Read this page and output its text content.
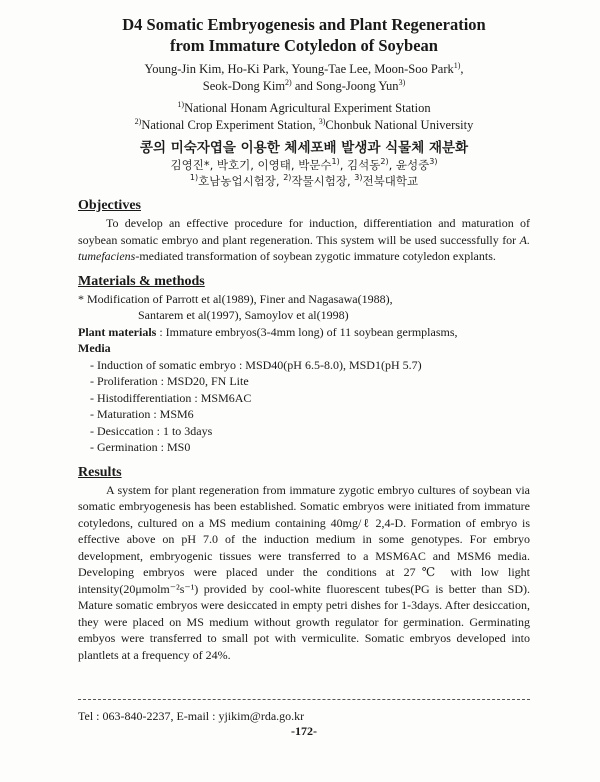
D4 Somatic Embryogenesis and Plant Regeneration
from Immature Cotyledon of Soybean
Young-Jin Kim, Ho-Ki Park, Young-Tae Lee, Moon-Soo Park$^{1)}$,
Seok-Dong Kim$^{2)}$ and Song-Joong Yun$^{3)}$
$^{1)}$National Honam Agricultural Experiment Station
$^{2)}$National Crop Experiment Station, $^{3)}$Chonbuk National University
콩의 미숙자엽을 이용한 체세포배 발생과 식물체 재분화
김영진*, 박호기, 이영태, 박문수$^{1)}$, 김석동$^{2)}$, 윤성중$^{3)}$
$^{1)}$호남농업시험장, $^{2)}$작물시험장, $^{3)}$전북대학교
Objectives
To develop an effective procedure for induction, differentiation and maturation of soybean somatic embryo and plant regeneration. This system will be used successfully for A. tumefaciens-mediated transformation of soybean zygotic immature cotyledon explants.
Materials & methods
* Modification of Parrott et al(1989), Finer and Nagasawa(1988),
Santarem et al(1997), Samoylov et al(1998)
Plant materials : Immature embryos(3-4mm long) of 11 soybean germplasms,
Media
- Induction of somatic embryo : MSD40(pH 6.5-8.0), MSD1(pH 5.7)
- Proliferation : MSD20, FN Lite
- Histodifferentiation : MSM6AC
- Maturation : MSM6
- Desiccation : 1 to 3days
- Germination : MS0
Results
A system for plant regeneration from immature zygotic embryo cultures of soybean via somatic embryogenesis has been established. Somatic embryos were initiated from immature cotyledons, cultured on a MS medium containing 40mg/ℓ 2,4-D. Formation of embryo is effective above on pH 7.0 of the induction medium in some genotypes. For embryo development, embryogenic tissues were transferred to a MSM6AC and MSM6 media. Developing embryos were placed under the conditions at 27℃ with low light intensity(20μmolm⁻²s⁻¹) provided by cool-white fluorescent tubes(PG is better than SD). Mature somatic embryos were desiccated in empty petri dishes for 1-3days. After desiccation, they were placed on MS medium without growth regulator for germination. Germinating embyos were transferred to small pot with vermiculite. Somatic embryos developed into plantlets at a frequency of 24%.
Tel : 063-840-2237, E-mail : yjikim@rda.go.kr
-172-
